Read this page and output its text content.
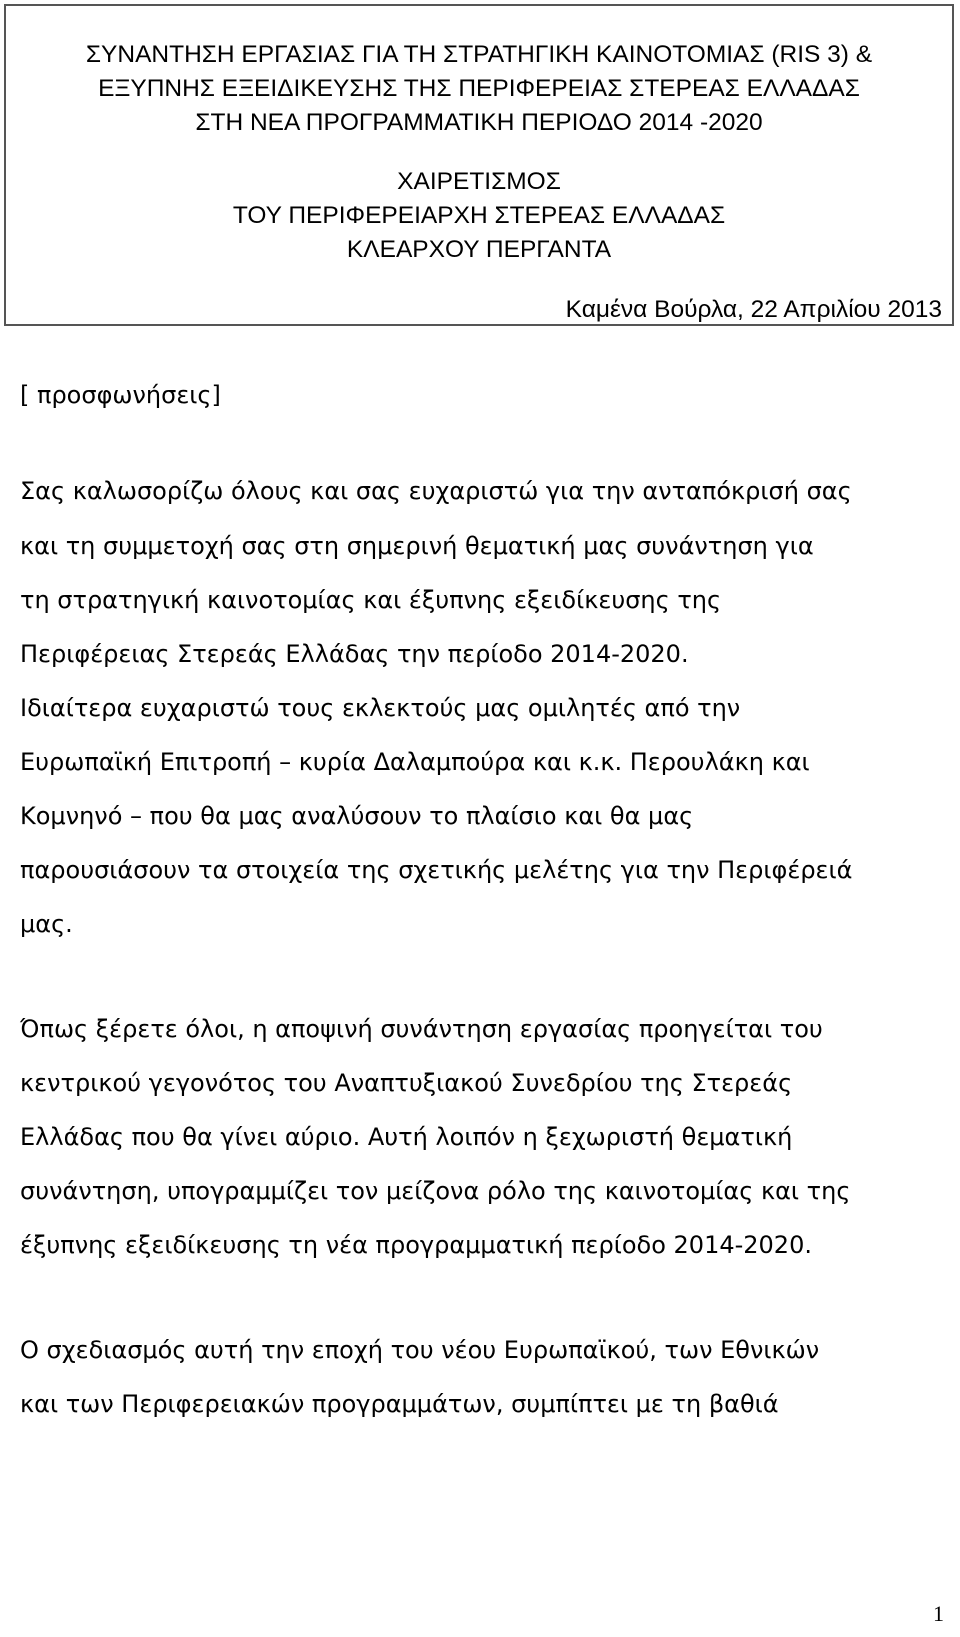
ΣΥΝΑΝΤΗΣΗ ΕΡΓΑΣΙΑΣ ΓΙΑ ΤΗ ΣΤΡΑΤΗΓΙΚΗ ΚΑΙΝΟΤΟΜΙΑΣ (RIS 3) &
ΕΞΥΠΝΗΣ ΕΞΕΙΔΙΚΕΥΣΗΣ ΤΗΣ ΠΕΡΙΦΕΡΕΙΑΣ ΣΤΕΡΕΑΣ ΕΛΛΑΔΑΣ
ΣΤΗ ΝΕΑ ΠΡΟΓΡΑΜΜΑΤΙΚΗ ΠΕΡΙΟΔΟ 2014 -2020
ΧΑΙΡΕΤΙΣΜΟΣ
ΤΟΥ ΠΕΡΙΦΕΡΕΙΑΡΧΗ ΣΤΕΡΕΑΣ ΕΛΛΑΔΑΣ
ΚΛΕΑΡΧΟΥ ΠΕΡΓΑΝΤΑ
Καμένα Βούρλα, 22 Απριλίου 2013
[ προσφωνήσεις]
Σας καλωσορίζω όλους και σας ευχαριστώ για την ανταπόκρισή σας
και τη συμμετοχή σας στη σημερινή θεματική μας συνάντηση για
τη στρατηγική καινοτομίας και έξυπνης εξειδίκευσης της
Περιφέρειας Στερεάς Ελλάδας την περίοδο 2014-2020.
Ιδιαίτερα ευχαριστώ τους εκλεκτούς μας ομιλητές από την
Ευρωπαϊκή Επιτροπή – κυρία Δαλαμπούρα και κ.κ. Περουλάκη και
Κομνηνό – που θα μας αναλύσουν το πλαίσιο και θα μας
παρουσιάσουν τα στοιχεία της σχετικής μελέτης για την Περιφέρειά
μας.
Όπως ξέρετε όλοι, η αποψινή συνάντηση εργασίας προηγείται του
κεντρικού γεγονότος του Αναπτυξιακού Συνεδρίου της Στερεάς
Ελλάδας που θα γίνει αύριο. Αυτή λοιπόν η ξεχωριστή θεματική
συνάντηση, υπογραμμίζει τον μείζονα ρόλο της καινοτομίας και της
έξυπνης εξειδίκευσης τη νέα προγραμματική περίοδο 2014-2020.
Ο σχεδιασμός αυτή την εποχή του νέου Ευρωπαϊκού, των Εθνικών
και των Περιφερειακών προγραμμάτων, συμπίπτει με τη βαθιά
1
